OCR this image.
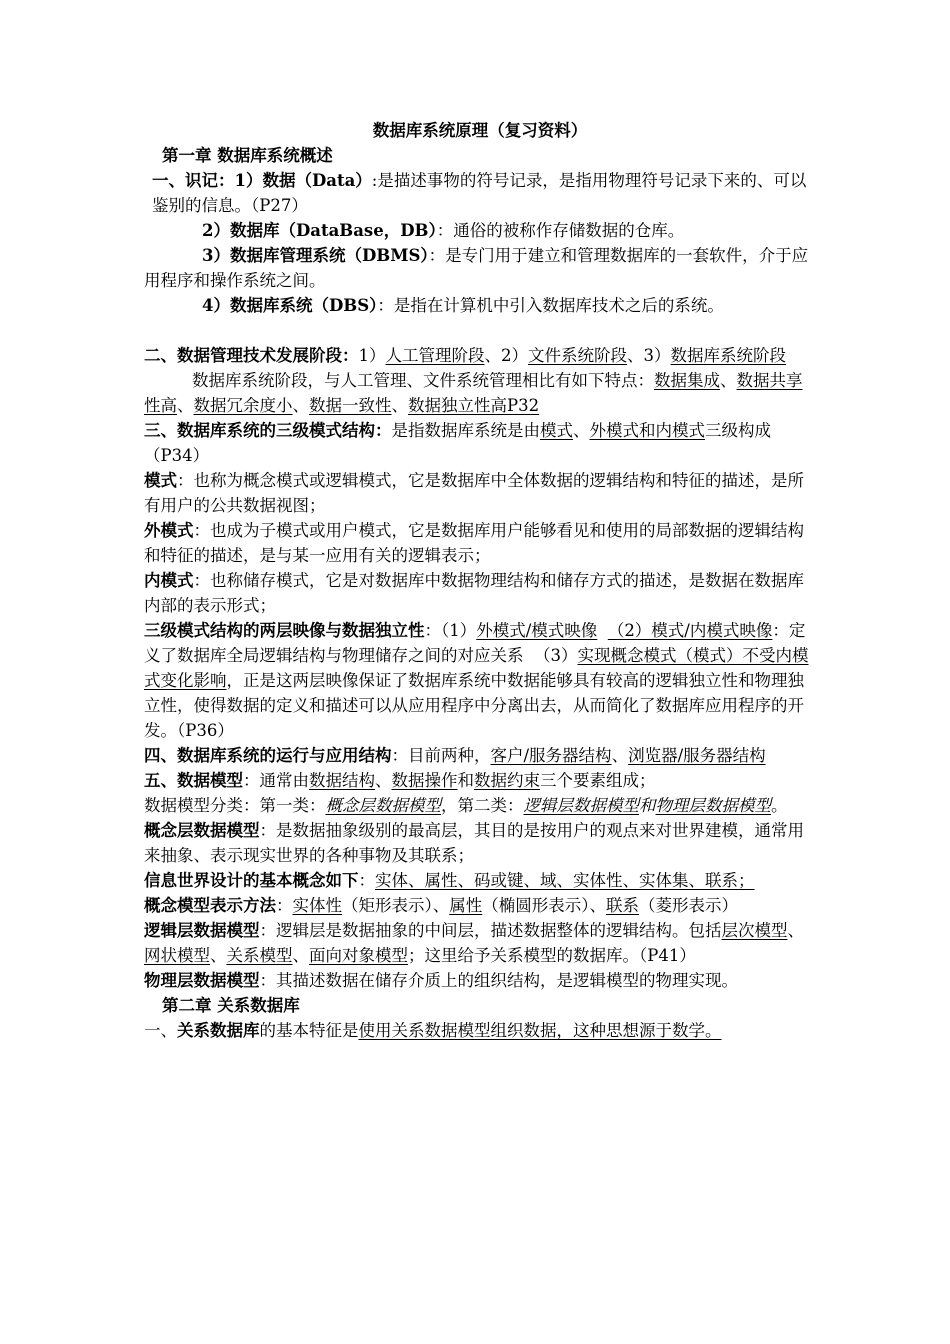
数据库系统原理（复习资料）

第一章 数据库系统概述

一、识记：1）数据（Data）:是描述事物的符号记录，是指用物理符号记录下来的、可以鉴别的信息。（P27）

2）数据库（DataBase，DB）：通俗的被称作存储数据的仓库。

3）数据库管理系统（DBMS）：是专门用于建立和管理数据库的一套软件，介于应用程序和操作系统之间。

4）数据库系统（DBS）：是指在计算机中引入数据库技术之后的系统。

二、数据管理技术发展阶段：1）人工管理阶段、2）文件系统阶段、3）数据库系统阶段

数据库系统阶段，与人工管理、文件系统管理相比有如下特点：数据集成、数据共享性高、数据冗余度小、数据一致性、数据独立性高P32

三、数据库系统的三级模式结构：是指数据库系统是由模式、外模式和内模式三级构成（P34）

模式：也称为概念模式或逻辑模式，它是数据库中全体数据的逻辑结构和特征的描述，是所有用户的公共数据视图；

外模式：也成为子模式或用户模式，它是数据库用户能够看见和使用的局部数据的逻辑结构和特征的描述，是与某一应用有关的逻辑表示；

内模式：也称储存模式，它是对数据库中数据物理结构和储存方式的描述，是数据在数据库内部的表示形式；

三级模式结构的两层映像与数据独立性：（1）外模式/模式映像 （2）模式/内模式映像：定义了数据库全局逻辑结构与物理储存之间的对应关系  （3）实现概念模式（模式）不受内模式变化影响，正是这两层映像保证了数据库系统中数据能够具有较高的逻辑独立性和物理独立性，使得数据的定义和描述可以从应用程序中分离出去，从而简化了数据库应用程序的开发。（P36）

四、数据库系统的运行与应用结构：目前两种，客户/服务器结构、浏览器/服务器结构

五、数据模型：通常由数据结构、数据操作和数据约束三个要素组成；

数据模型分类：第一类：概念层数据模型，第二类：逻辑层数据模型和物理层数据模型。

概念层数据模型：是数据抽象级别的最高层，其目的是按用户的观点来对世界建模，通常用来抽象、表示现实世界的各种事物及其联系；

信息世界设计的基本概念如下：实体、属性、码或键、域、实体性、实体集、联系；

概念模型表示方法：实体性（矩形表示）、属性（椭圆形表示）、联系（菱形表示）

逻辑层数据模型：逻辑层是数据抽象的中间层，描述数据整体的逻辑结构。包括层次模型、网状模型、关系模型、面向对象模型；这里给予关系模型的数据库。（P41）

物理层数据模型：其描述数据在储存介质上的组织结构，是逻辑模型的物理实现。

第二章 关系数据库

一、关系数据库的基本特征是使用关系数据模型组织数据，这种思想源于数学。
